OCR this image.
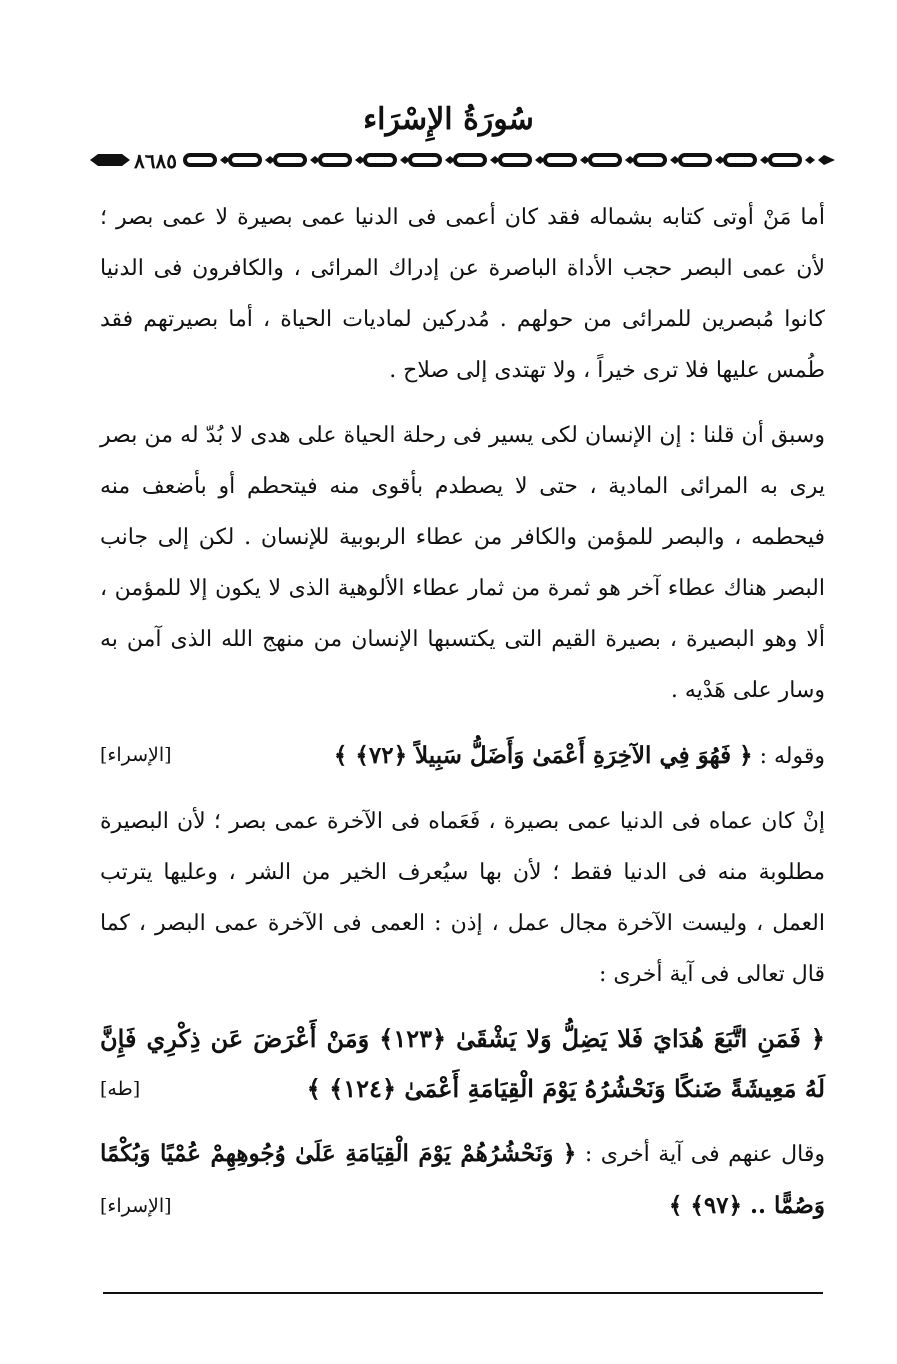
سُورَةُ الإِسْرَاء
٨٦٨٥

أما مَنْ أوتى كتابه بشماله فقد كان أعمى فى الدنيا عمى بصيرة لا عمى بصر ؛ لأن عمى البصر حجب الأداة الباصرة عن إدراك المرائى ، والكافرون فى الدنيا كانوا مُبصرين للمرائى من حولهم . مُدركين لماديات الحياة ، أما بصيرتهم فقد طُمس عليها فلا ترى خيراً ، ولا تهتدى إلى صلاح .

وسبق أن قلنا : إن الإنسان لكى يسير فى رحلة الحياة على هدى لا بُدّ له من بصر يرى به المرائى المادية ، حتى لا يصطدم بأقوى منه فيتحطم أو بأضعف منه فيحطمه ، والبصر للمؤمن والكافر من عطاء الربوبية للإنسان . لكن إلى جانب البصر هناك عطاء آخر هو ثمرة من ثمار عطاء الألوهية الذى لا يكون إلا للمؤمن ، ألا وهو البصيرة ، بصيرة القيم التى يكتسبها الإنسان من منهج الله الذى آمن به وسار على هَدْيه .

وقوله : ﴿ فَهُوَ فِي الآخِرَةِ أَعْمَىٰ وَأَضَلُّ سَبِيلاً ﴿٧٢﴾ ﴾
[الإسراء]

إنْ كان عماه فى الدنيا عمى بصيرة ، فَعَماه فى الآخرة عمى بصر ؛ لأن البصيرة مطلوبة منه فى الدنيا فقط ؛ لأن بها سيُعرف الخير من الشر ، وعليها يترتب العمل ، وليست الآخرة مجال عمل ، إذن : العمى فى الآخرة عمى البصر ، كما قال تعالى فى آية أخرى :

﴿ فَمَنِ اتَّبَعَ هُدَايَ فَلا يَضِلُّ وَلا يَشْقَىٰ ﴿١٢٣﴾ وَمَنْ أَعْرَضَ عَن ذِكْرِي فَإِنَّ لَهُ مَعِيشَةً ضَنكًا وَنَحْشُرُهُ يَوْمَ الْقِيَامَةِ أَعْمَىٰ ﴿١٢٤﴾ ﴾
[طه]

وقال عنهم فى آية أخرى : ﴿ وَنَحْشُرُهُمْ يَوْمَ الْقِيَامَةِ عَلَىٰ وُجُوهِهِمْ عُمْيًا وَبُكْمًا وَصُمًّا .. ﴿٩٧﴾ ﴾
[الإسراء]
